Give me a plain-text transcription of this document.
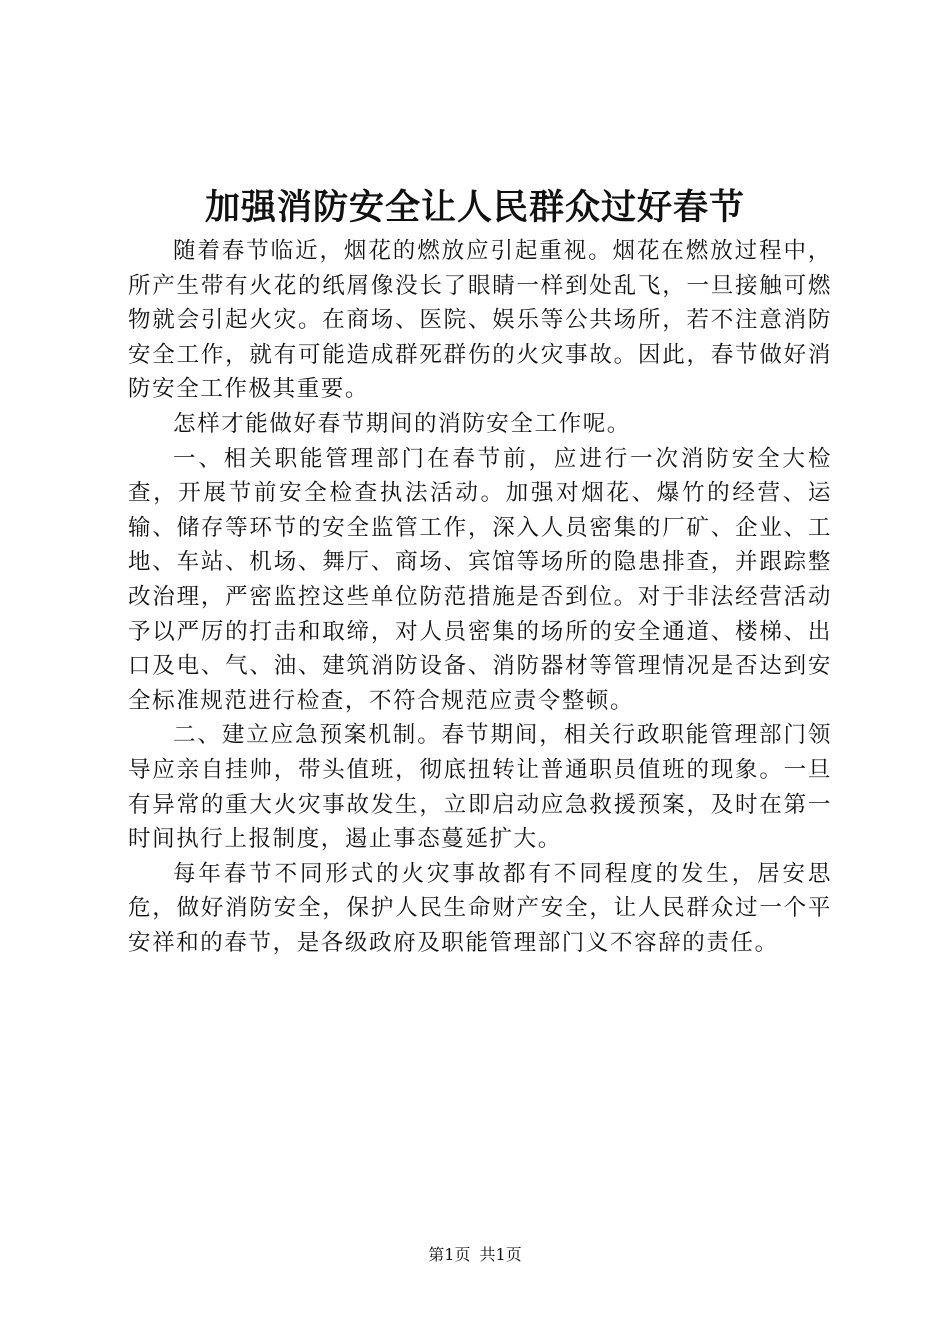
加强消防安全让人民群众过好春节

随着春节临近，烟花的燃放应引起重视。烟花在燃放过程中，所产生带有火花的纸屑像没长了眼睛一样到处乱飞，一旦接触可燃物就会引起火灾。在商场、医院、娱乐等公共场所，若不注意消防安全工作，就有可能造成群死群伤的火灾事故。因此，春节做好消防安全工作极其重要。

怎样才能做好春节期间的消防安全工作呢。

一、相关职能管理部门在春节前，应进行一次消防安全大检查，开展节前安全检查执法活动。加强对烟花、爆竹的经营、运输、储存等环节的安全监管工作，深入人员密集的厂矿、企业、工地、车站、机场、舞厅、商场、宾馆等场所的隐患排查，并跟踪整改治理，严密监控这些单位防范措施是否到位。对于非法经营活动予以严厉的打击和取缔，对人员密集的场所的安全通道、楼梯、出口及电、气、油、建筑消防设备、消防器材等管理情况是否达到安全标准规范进行检查，不符合规范应责令整顿。

二、建立应急预案机制。春节期间，相关行政职能管理部门领导应亲自挂帅，带头值班，彻底扭转让普通职员值班的现象。一旦有异常的重大火灾事故发生，立即启动应急救援预案，及时在第一时间执行上报制度，遏止事态蔓延扩大。

每年春节不同形式的火灾事故都有不同程度的发生，居安思危，做好消防安全，保护人民生命财产安全，让人民群众过一个平安祥和的春节，是各级政府及职能管理部门义不容辞的责任。

第1页 共1页
